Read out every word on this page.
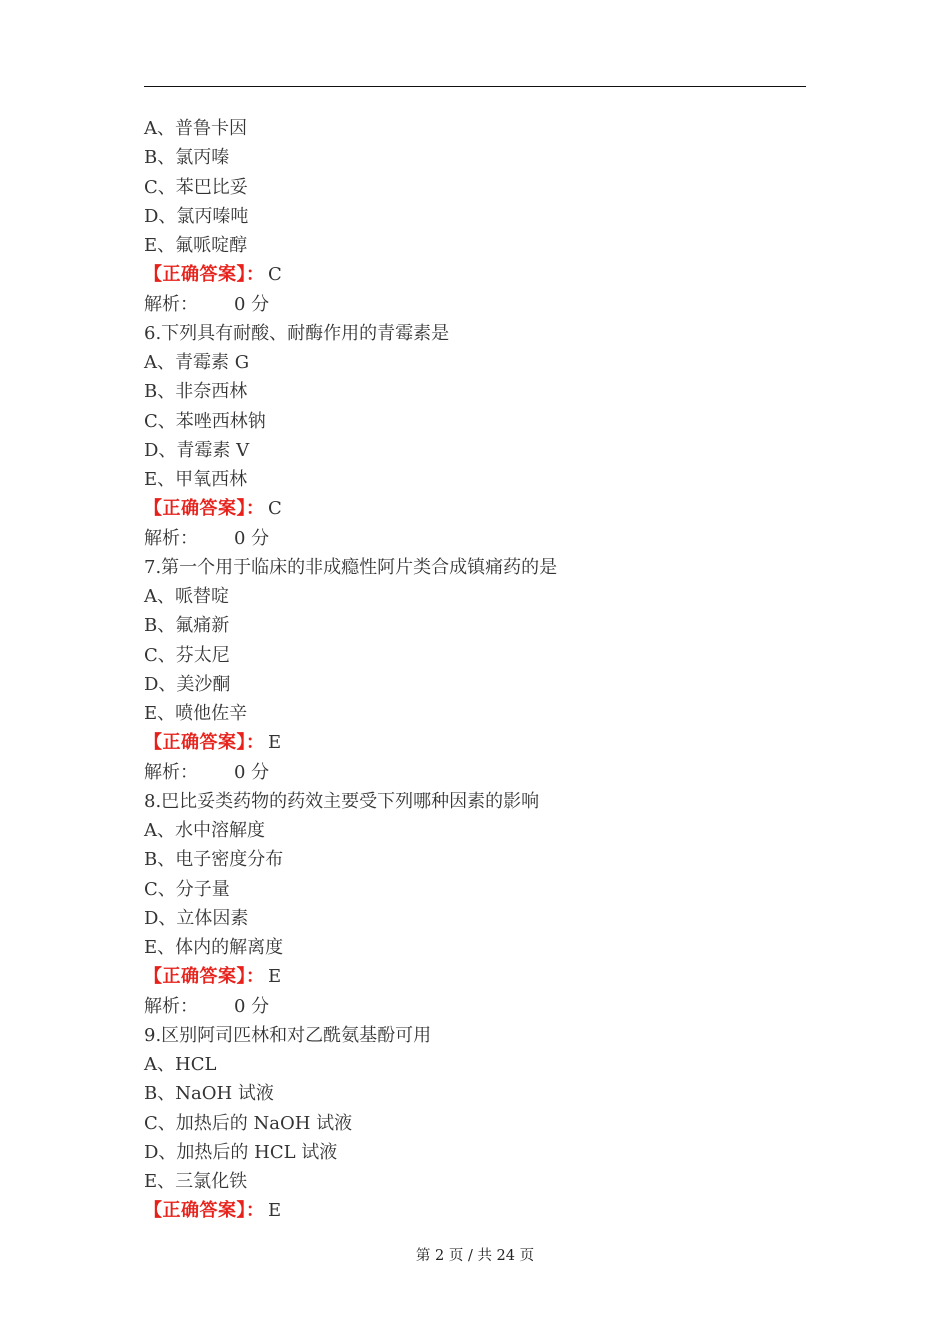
A、普鲁卡因
B、氯丙嗪
C、苯巴比妥
D、氯丙嗪吨
E、氟哌啶醇
【正确答案】： C
解析： 0 分
6.下列具有耐酸、耐酶作用的青霉素是
A、青霉素 G
B、非奈西林
C、苯唑西林钠
D、青霉素 V
E、甲氧西林
【正确答案】： C
解析： 0 分
7.第一个用于临床的非成瘾性阿片类合成镇痛药的是
A、哌替啶
B、氟痛新
C、芬太尼
D、美沙酮
E、喷他佐辛
【正确答案】： E
解析： 0 分
8.巴比妥类药物的药效主要受下列哪种因素的影响
A、水中溶解度
B、电子密度分布
C、分子量
D、立体因素
E、体内的解离度
【正确答案】： E
解析： 0 分
9.区别阿司匹林和对乙酰氨基酚可用
A、HCL
B、NaOH 试液
C、加热后的 NaOH 试液
D、加热后的 HCL 试液
E、三氯化铁
【正确答案】： E
第 2 页 / 共 24 页
